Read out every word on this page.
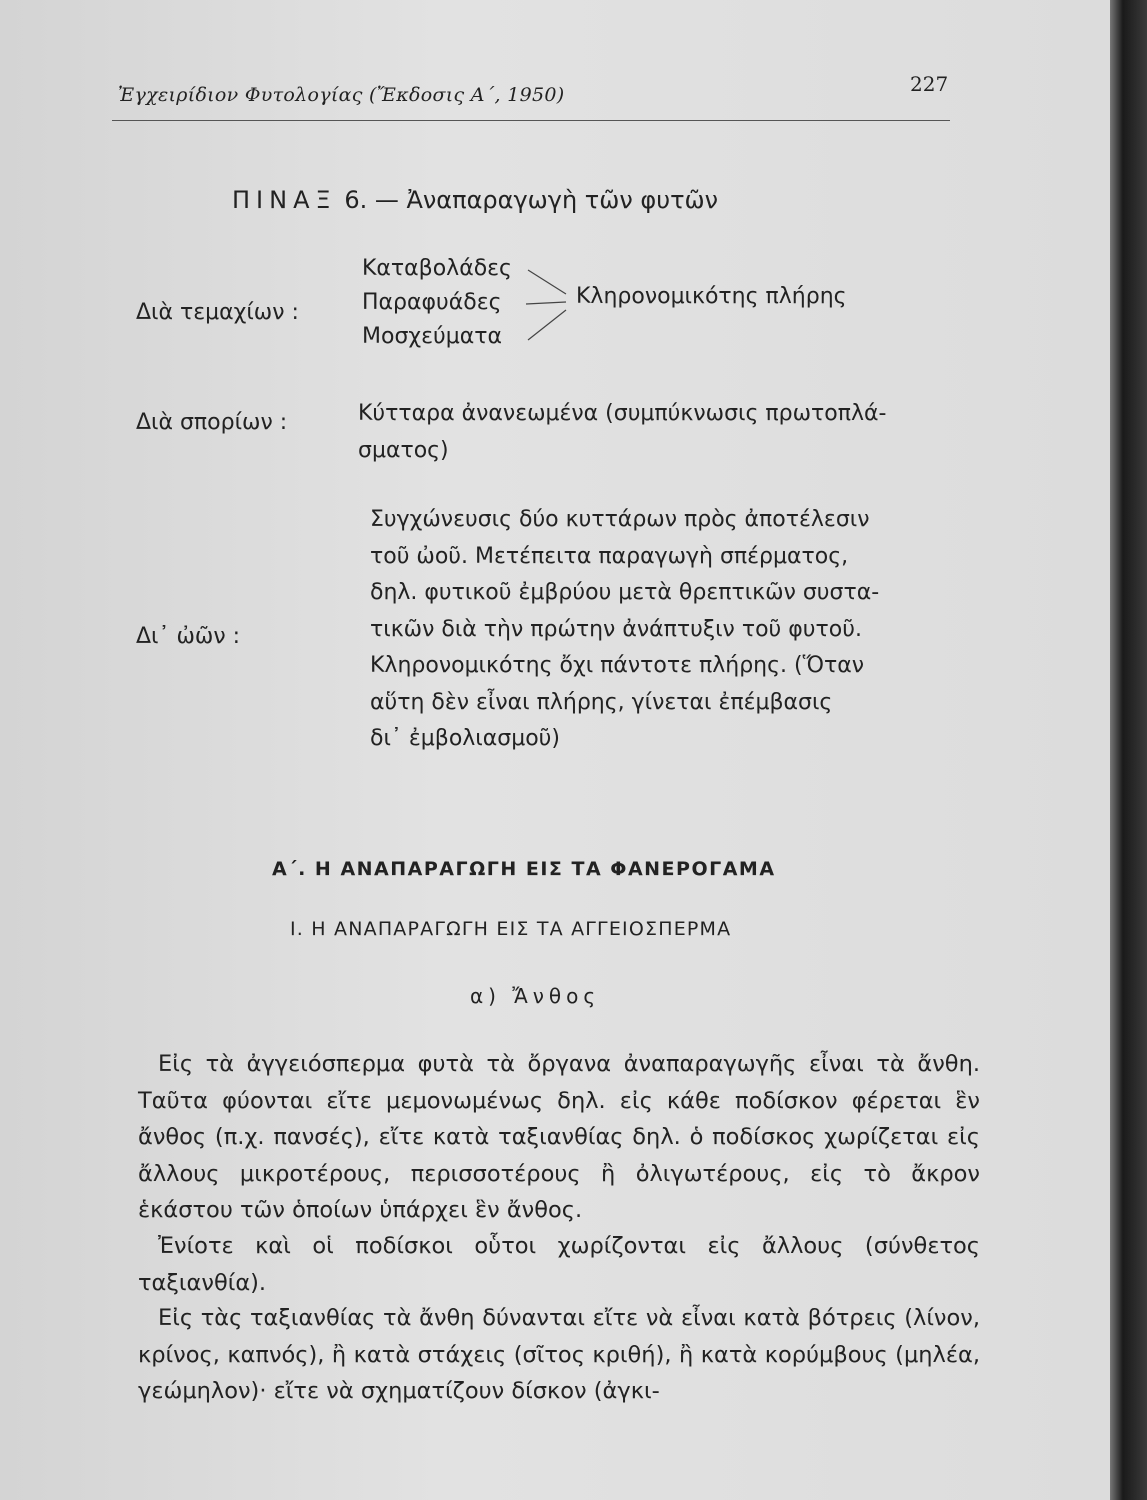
Ἐγχειρίδιον Φυτολογίας (Ἔκδοσις Α΄, 1950)	227
ΠΙΝΑΞ 6. — Ἀναπαραγωγὴ τῶν φυτῶν
Διὰ τεμαχίων :
Καταβολάδες
Παραφυάδες
Μοσχεύματα
Κληρονομικότης πλήρης
Διὰ σπορίων :	Κύτταρα ἀνανεωμένα (συμπύκνωσις πρωτοπλά-
σματος)
Δι᾿ ὠῶν :
Συγχώνευσις δύο κυττάρων πρὸς ἀποτέλεσιν
τοῦ ὠοῦ. Μετέπειτα παραγωγὴ σπέρματος,
δηλ. φυτικοῦ ἐμβρύου μετὰ θρεπτικῶν συστα-
τικῶν διὰ τὴν πρώτην ἀνάπτυξιν τοῦ φυτοῦ.
Κληρονομικότης ὄχι πάντοτε πλήρης. (Ὅταν
αὕτη δὲν εἶναι πλήρης, γίνεται ἐπέμβασις
δι᾿ ἐμβολιασμοῦ)
Α΄. Η ΑΝΑΠΑΡΑΓΩΓΗ ΕΙΣ ΤΑ ΦΑΝΕΡΟΓΑΜΑ
Ι. Η ΑΝΑΠΑΡΑΓΩΓΗ ΕΙΣ ΤΑ ΑΓΓΕΙΟΣΠΕΡΜΑ
α) Ἄνθος
Εἰς τὰ ἀγγειόσπερμα φυτὰ τὰ ὄργανα ἀναπαραγωγῆς εἶναι τὰ ἄνθη. Ταῦτα φύονται εἴτε μεμονωμένως δηλ. εἰς κάθε ποδίσκον φέρεται ἓν ἄνθος (π.χ. πανσές), εἴτε κατὰ ταξιανθίας δηλ. ὁ ποδίσκος χωρίζεται εἰς ἄλλους μικροτέρους, περισσοτέρους ἢ ὀλιγωτέρους, εἰς τὸ ἄκρον ἑκάστου τῶν ὁποίων ὑπάρχει ἓν ἄνθος.
Ἐνίοτε καὶ οἱ ποδίσκοι οὗτοι χωρίζονται εἰς ἄλλους (σύνθετος ταξιανθία).
Εἰς τὰς ταξιανθίας τὰ ἄνθη δύνανται εἴτε νὰ εἶναι κατὰ βότρεις (λίνον, κρίνος, καπνός), ἢ κατὰ στάχεις (σῖτος κριθή), ἢ κατὰ κορύμβους (μηλέα, γεώμηλον)· εἴτε νὰ σχηματίζουν δίσκον (ἀγκι-
